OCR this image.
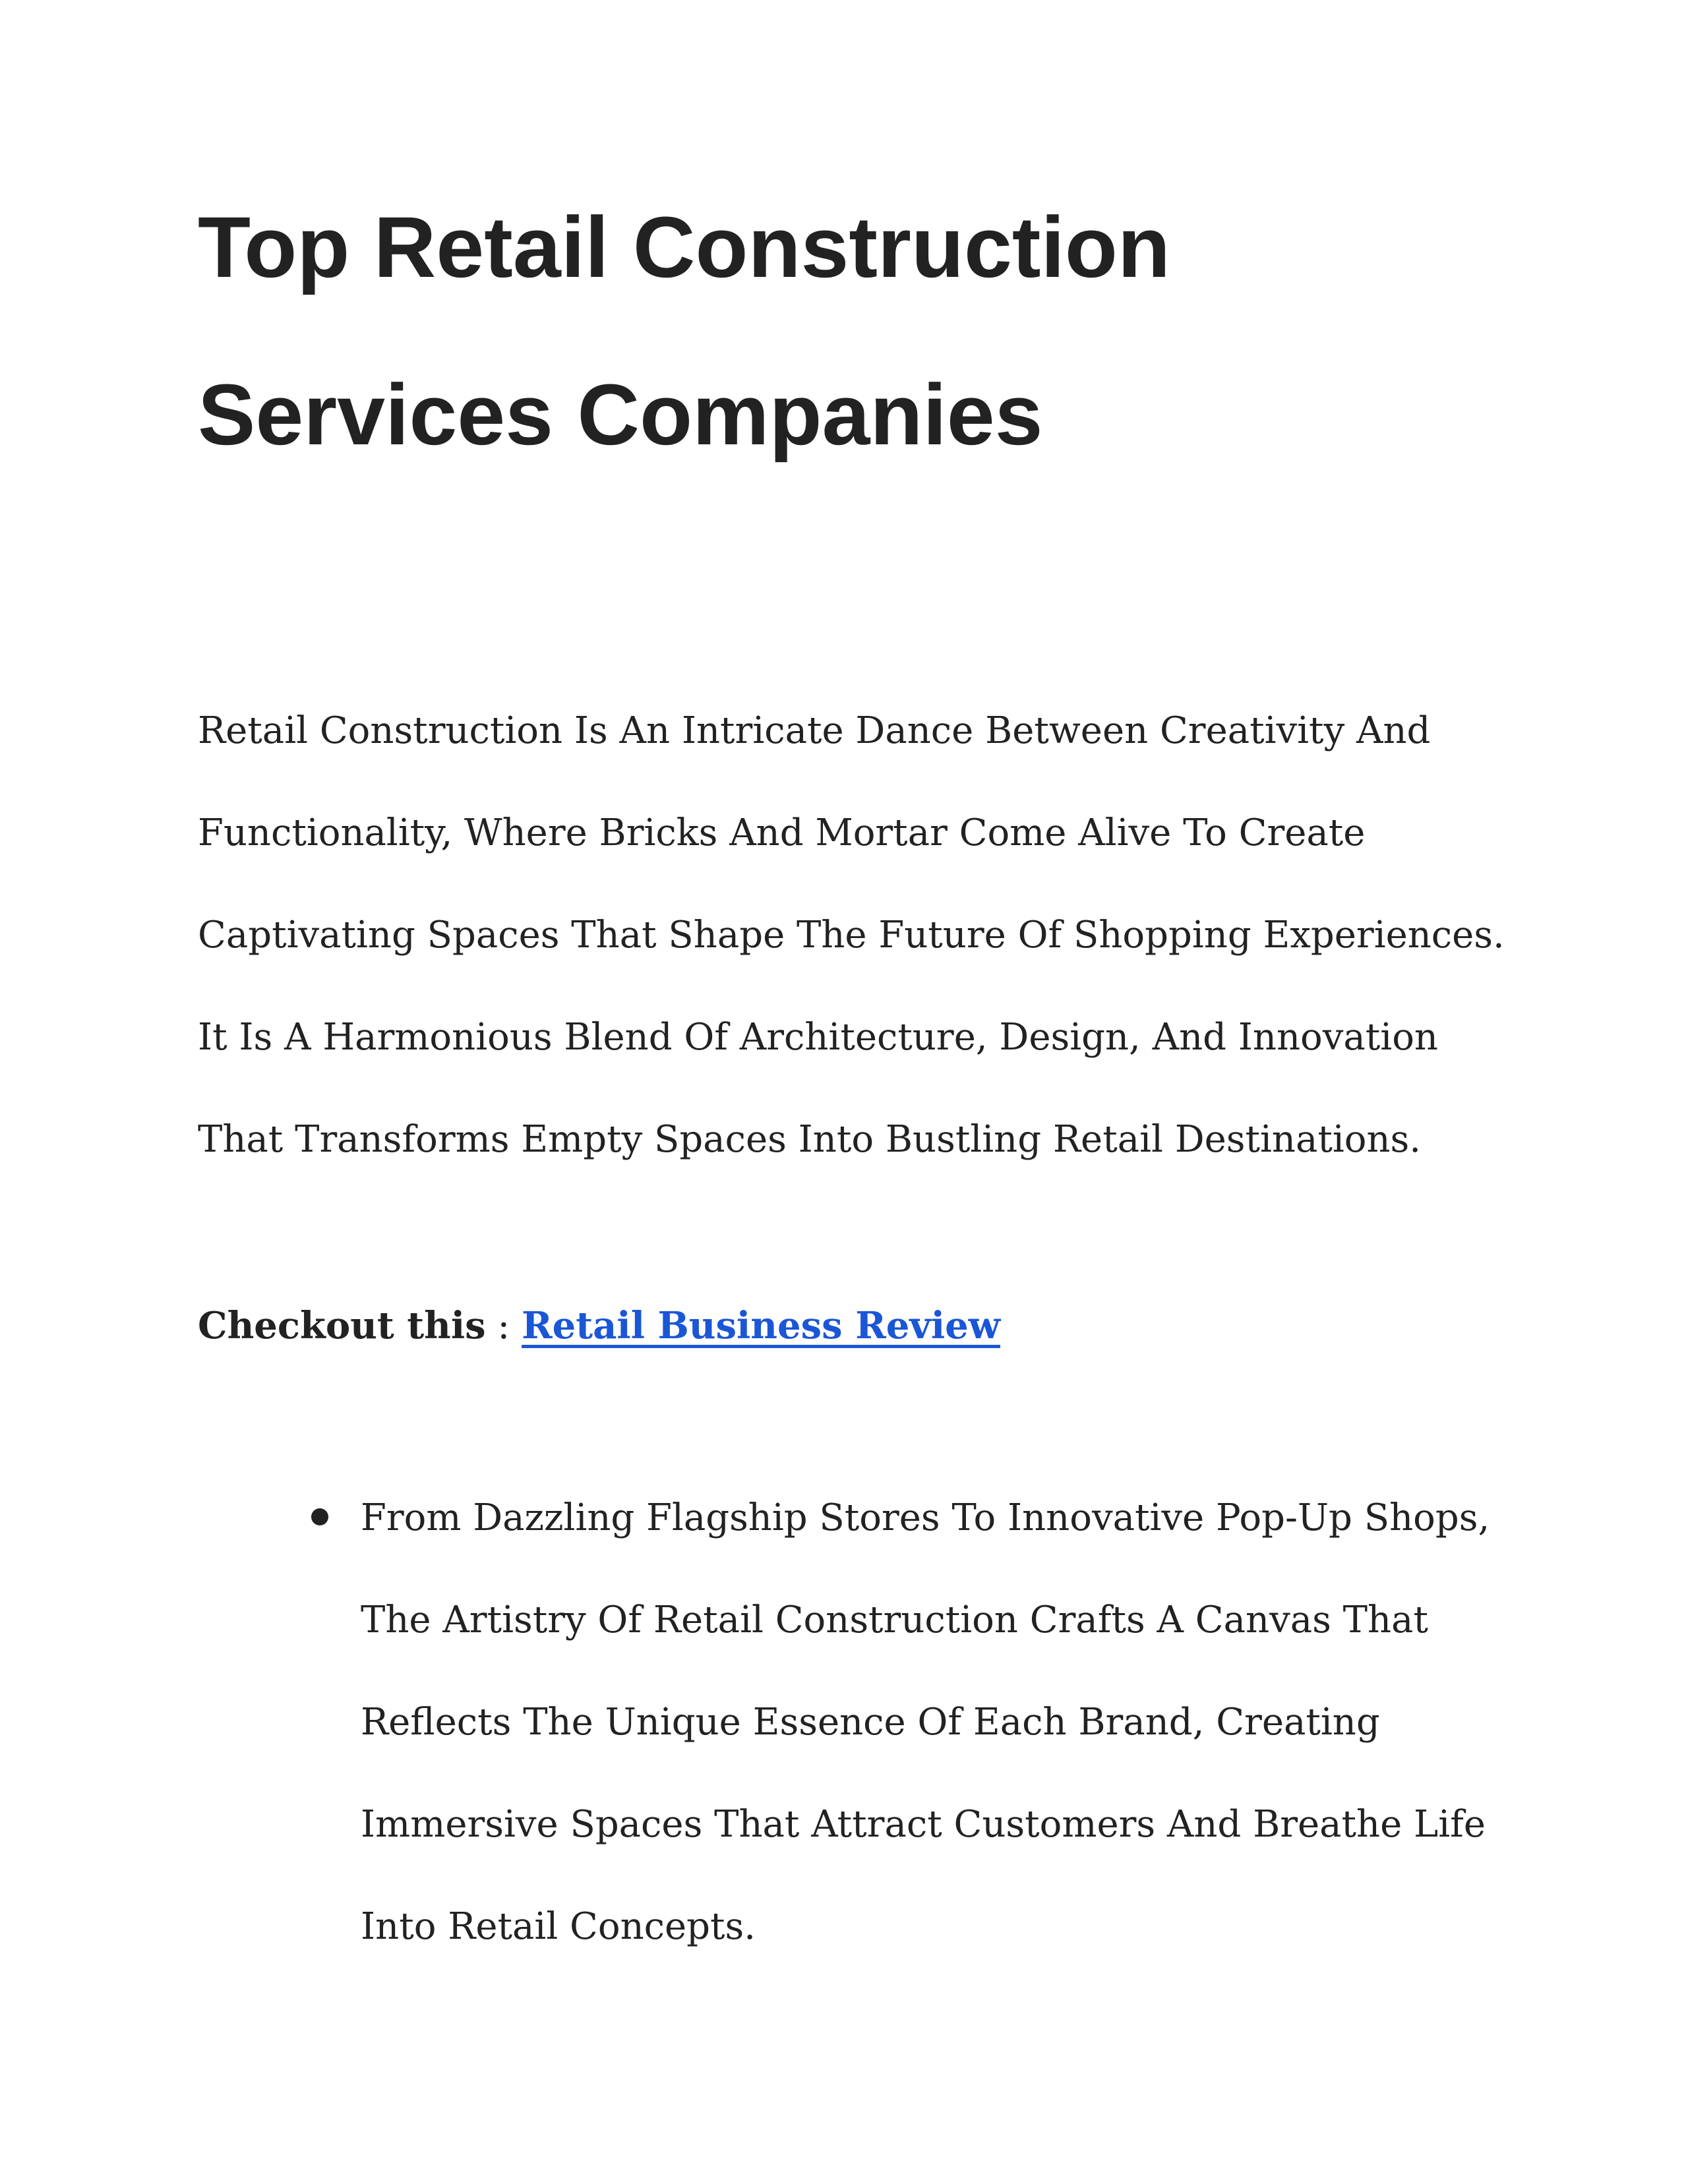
Top Retail Construction
Services Companies

Retail Construction Is An Intricate Dance Between Creativity And
Functionality, Where Bricks And Mortar Come Alive To Create
Captivating Spaces That Shape The Future Of Shopping Experiences.
It Is A Harmonious Blend Of Architecture, Design, And Innovation
That Transforms Empty Spaces Into Bustling Retail Destinations.

Checkout this : Retail Business Review

From Dazzling Flagship Stores To Innovative Pop-Up Shops,
The Artistry Of Retail Construction Crafts A Canvas That
Reflects The Unique Essence Of Each Brand, Creating
Immersive Spaces That Attract Customers And Breathe Life
Into Retail Concepts.
